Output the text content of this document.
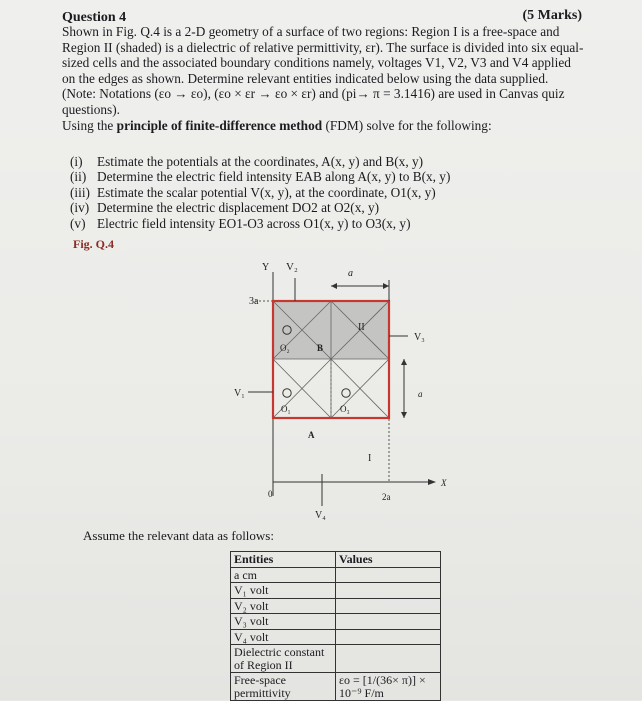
Question 4	(5 Marks)
Shown in Fig. Q.4 is a 2-D geometry of a surface of two regions: Region I is a free-space and Region II (shaded) is a dielectric of relative permittivity, εr). The surface is divided into six equal-sized cells and the associated boundary conditions namely, voltages V1, V2, V3 and V4 applied on the edges as shown. Determine relevant entities indicated below using the data supplied. (Note: Notations (εo → εo), (εo × εr → εo × εr) and (pi→ π = 3.1416) are used in Canvas quiz questions).
Using the principle of finite-difference method (FDM) solve for the following:
(i)	Estimate the potentials at the coordinates, A(x, y) and B(x, y)
(ii) Determine the electric field intensity EAB along A(x, y) to B(x, y)
(iii) Estimate the scalar potential V(x, y), at the coordinate, O1(x, y)
(iv) Determine the electric displacement DO2 at O2(x, y)
(v) Electric field intensity EO1-O3 across O1(x, y) to O3(x, y)
Fig. Q.4
Y V₂
a
3a
II
V₃
O₂	B
V₁	a
O₁	O₃
A
I
X
0	2a
V₄
Assume the relevant data as follows:
Entities	Values
a cm	
V₁ volt	
V₂ volt	
V₃ volt	
V₄ volt	
Dielectric constant of Region II	
Free-space permittivity	εo = [1/(36× π)] × 10⁻⁹ F/m
